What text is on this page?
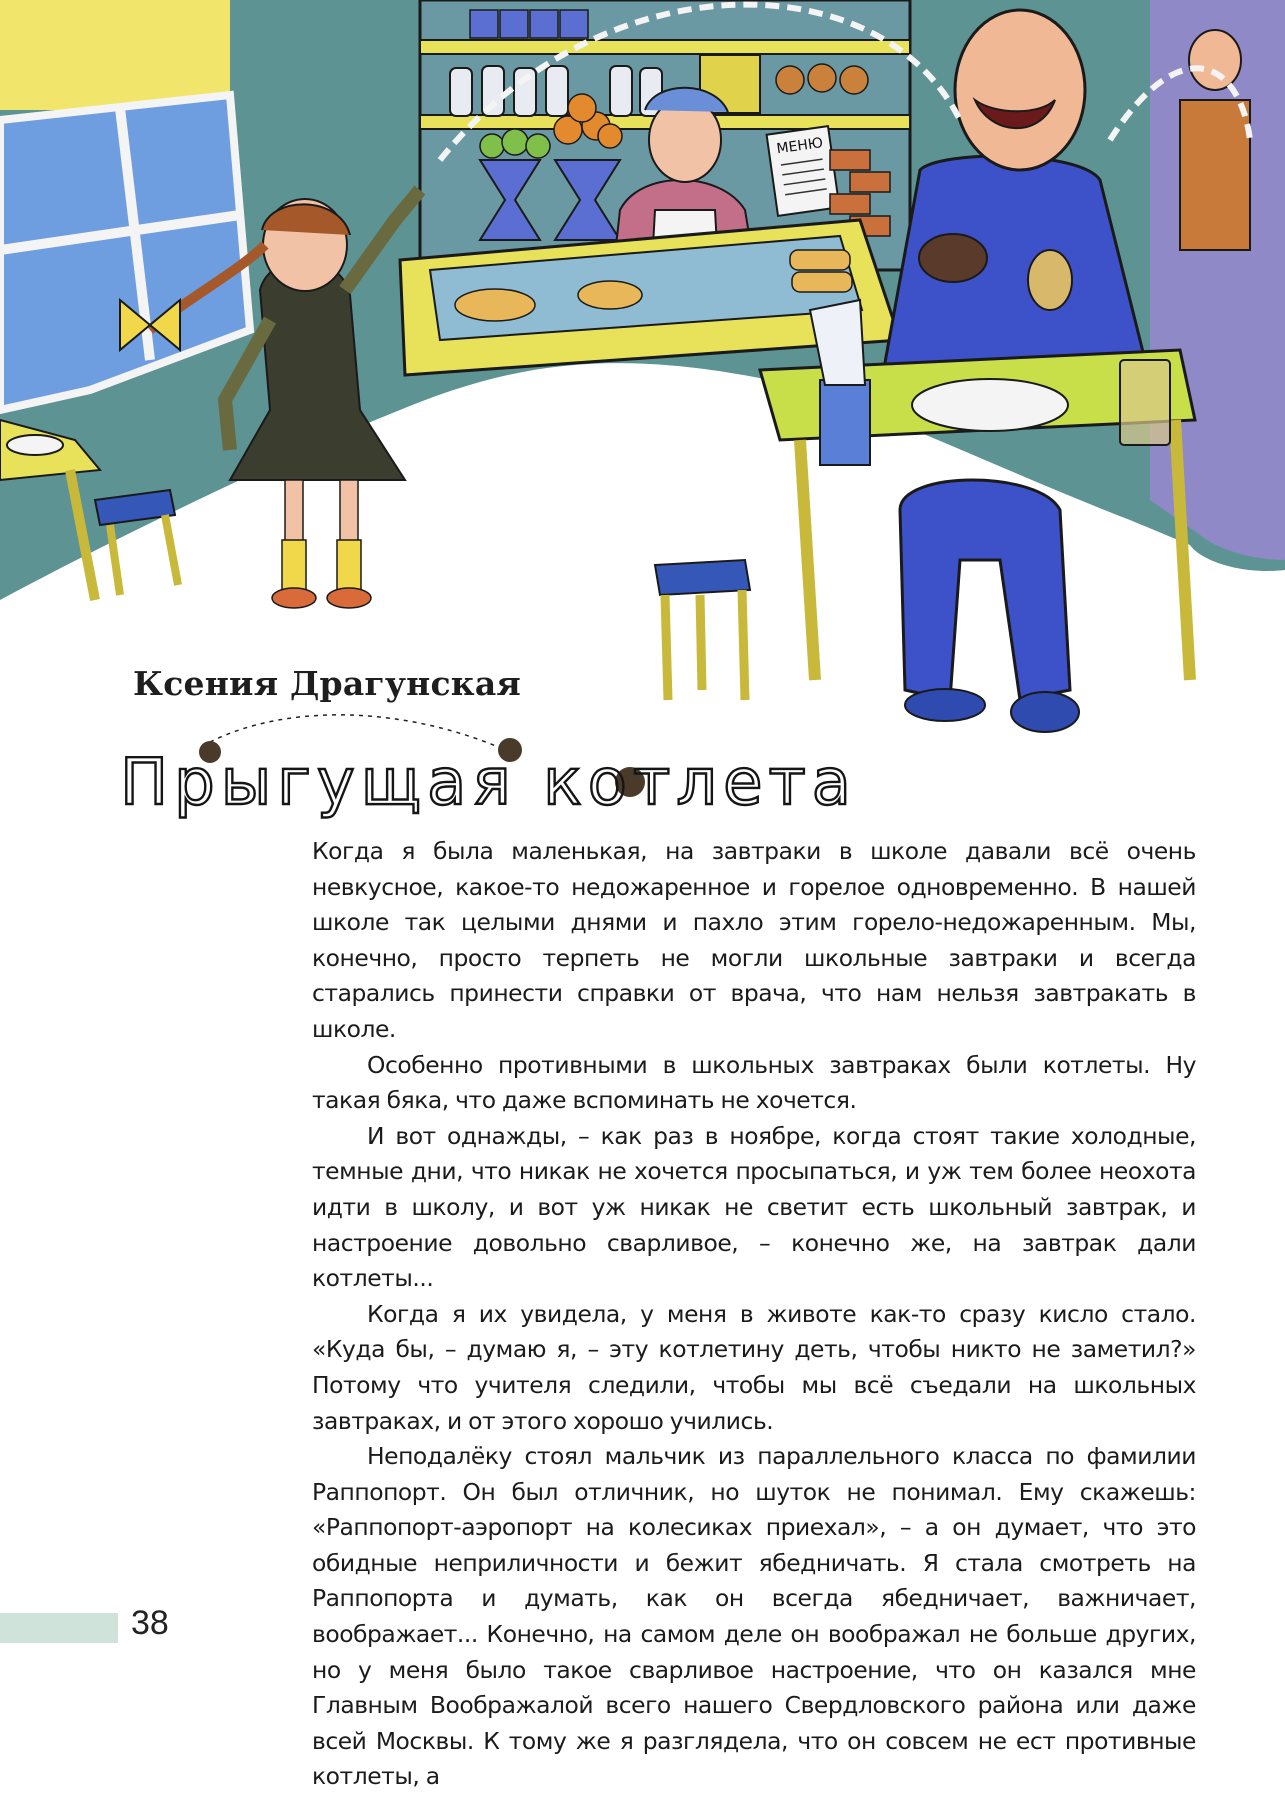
МЕНЮ
Ксения Драгунская
Прыгущая котлета

Когда я была маленькая, на завтраки в школе давали всё очень невкусное, какое-то недожаренное и горелое одновременно. В нашей школе так целыми днями и пахло этим горело-недожаренным. Мы, конечно, просто терпеть не могли школьные завтраки и всегда старались принести справки от врача, что нам нельзя завтракать в школе.

Особенно противными в школьных завтраках были котлеты. Ну такая бяка, что даже вспоминать не хочется.

И вот однажды, – как раз в ноябре, когда стоят такие холодные, темные дни, что никак не хочется просыпаться, и уж тем более неохота идти в школу, и вот уж никак не светит есть школьный завтрак, и настроение довольно сварливое, – конечно же, на завтрак дали котлеты...

Когда я их увидела, у меня в животе как-то сразу кисло стало. «Куда бы, – думаю я, – эту котлетину деть, чтобы никто не заметил?» Потому что учителя следили, чтобы мы всё съедали на школьных завтраках, и от этого хорошо учились.

Неподалёку стоял мальчик из параллельного класса по фамилии Раппопорт. Он был отличник, но шуток не понимал. Ему скажешь: «Раппопорт-аэропорт на колесиках приехал», – а он думает, что это обидные неприличности и бежит ябедничать. Я стала смотреть на Раппопорта и думать, как он всегда ябедничает, важничает, воображает... Конечно, на самом деле он воображал не больше других, но у меня было такое сварливое настроение, что он казался мне Главным Воображалой всего нашего Свердловского района или даже всей Москвы. К тому же я разглядела, что он совсем не ест противные котлеты, а

38
